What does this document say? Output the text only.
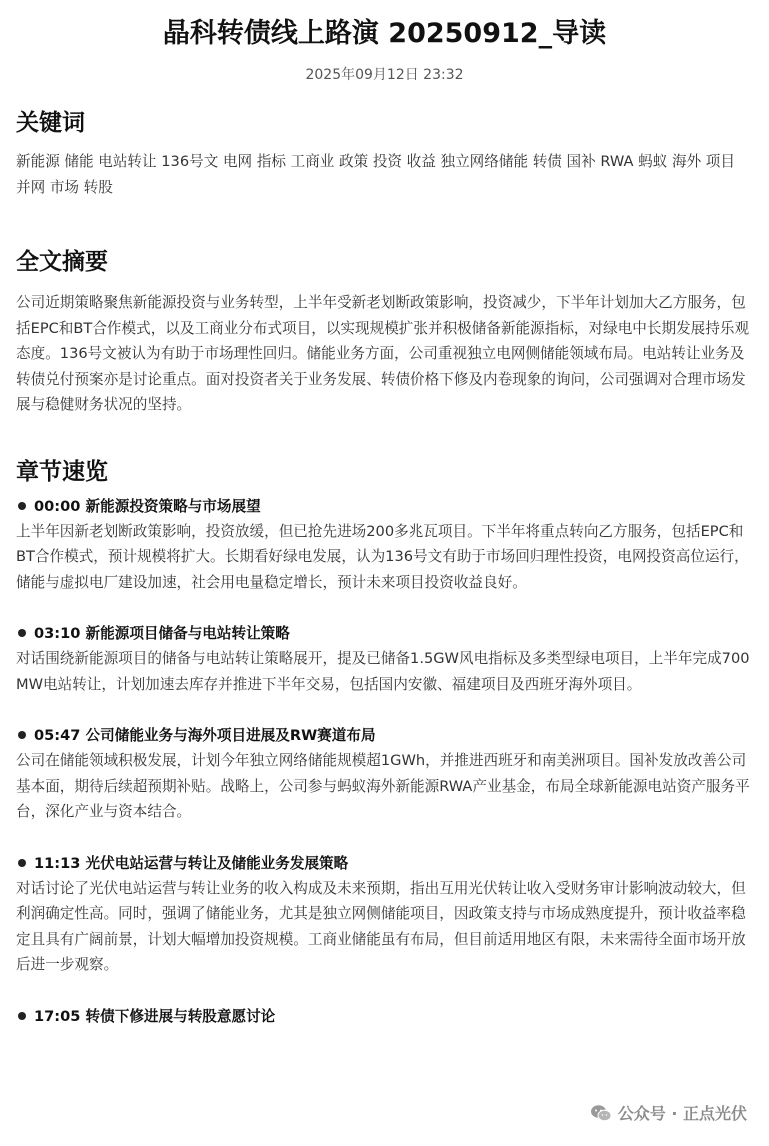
晶科转债线上路演 20250912_导读
2025年09月12日 23:32
关键词

新能源 储能 电站转让 136号文 电网 指标 工商业 政策 投资 收益 独立网络储能 转债 国补 RWA 蚂蚁 海外 项目 并网 市场 转股

全文摘要

公司近期策略聚焦新能源投资与业务转型，上半年受新老划断政策影响，投资减少，下半年计划加大乙方服务，包括EPC和BT合作模式，以及工商业分布式项目，以实现规模扩张并积极储备新能源指标，对绿电中长期发展持乐观态度。136号文被认为有助于市场理性回归。储能业务方面，公司重视独立电网侧储能领域布局。电站转让业务及转债兑付预案亦是讨论重点。面对投资者关于业务发展、转债价格下修及内卷现象的询问，公司强调对合理市场发展与稳健财务状况的坚持。

章节速览
00:00 新能源投资策略与市场展望

上半年因新老划断政策影响，投资放缓，但已抢先进场200多兆瓦项目。下半年将重点转向乙方服务，包括EPC和BT合作模式，预计规模将扩大。长期看好绿电发展，认为136号文有助于市场回归理性投资，电网投资高位运行，储能与虚拟电厂建设加速，社会用电量稳定增长，预计未来项目投资收益良好。

03:10 新能源项目储备与电站转让策略

对话围绕新能源项目的储备与电站转让策略展开，提及已储备1.5GW风电指标及多类型绿电项目，上半年完成700MW电站转让，计划加速去库存并推进下半年交易，包括国内安徽、福建项目及西班牙海外项目。

05:47 公司储能业务与海外项目进展及RW赛道布局

公司在储能领域积极发展，计划今年独立网络储能规模超1GWh，并推进西班牙和南美洲项目。国补发放改善公司基本面，期待后续超预期补贴。战略上，公司参与蚂蚁海外新能源RWA产业基金，布局全球新能源电站资产服务平台，深化产业与资本结合。

11:13 光伏电站运营与转让及储能业务发展策略

对话讨论了光伏电站运营与转让业务的收入构成及未来预期，指出互用光伏转让收入受财务审计影响波动较大，但利润确定性高。同时，强调了储能业务，尤其是独立网侧储能项目，因政策支持与市场成熟度提升，预计收益率稳定且具有广阔前景，计划大幅增加投资规模。工商业储能虽有布局，但目前适用地区有限，未来需待全面市场开放后进一步观察。

17:05 转债下修进展与转股意愿讨论
公众号 · 正点光伏
